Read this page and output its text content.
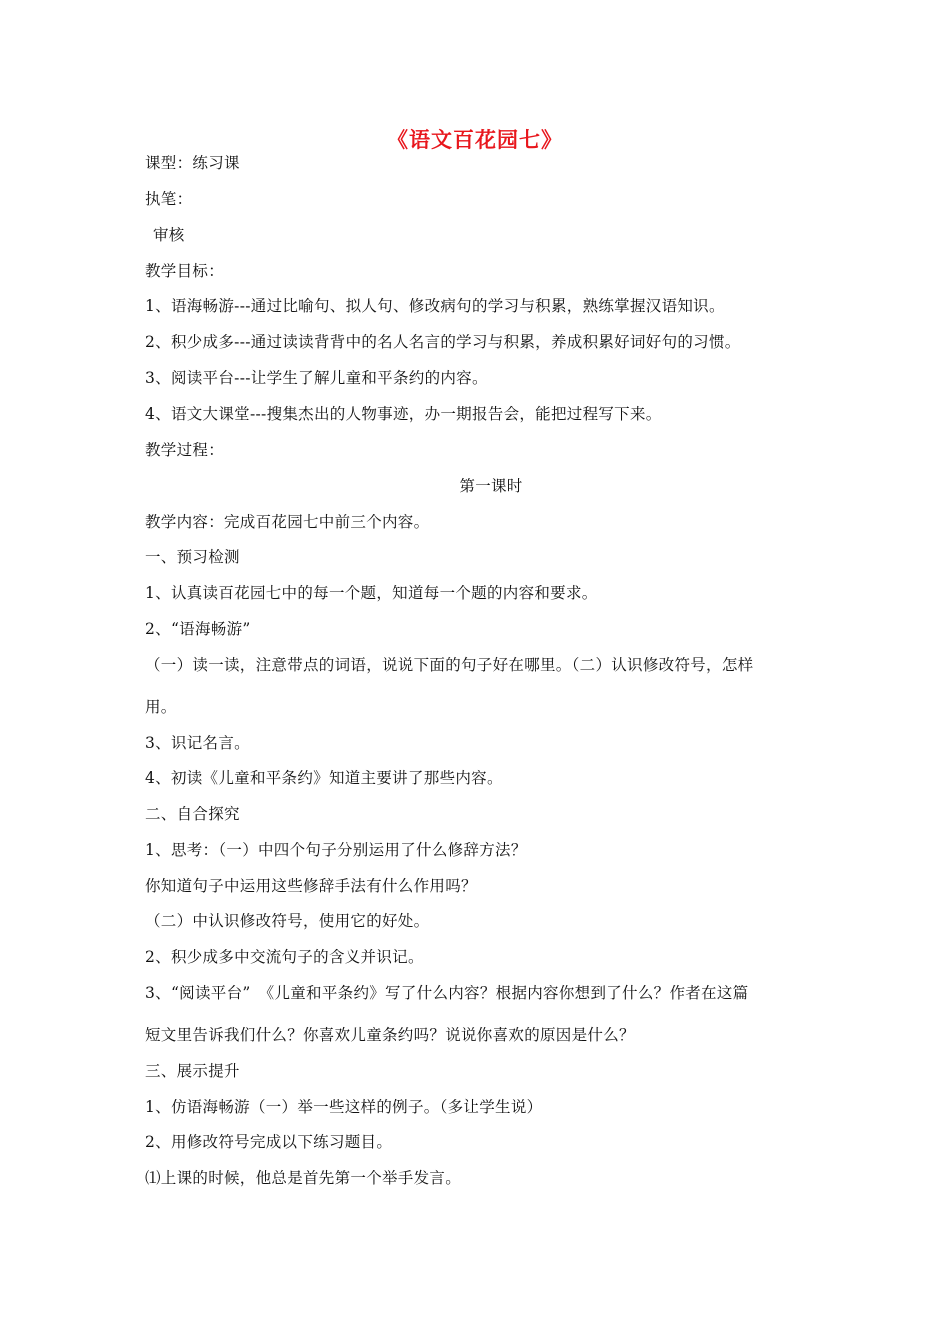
《语文百花园七》
课型：练习课
执笔：
审核
教学目标：
1、语海畅游---通过比喻句、拟人句、修改病句的学习与积累，熟练掌握汉语知识。
2、积少成多---通过读读背背中的名人名言的学习与积累，养成积累好词好句的习惯。
3、阅读平台---让学生了解儿童和平条约的内容。
4、语文大课堂---搜集杰出的人物事迹，办一期报告会，能把过程写下来。
教学过程：
第一课时
教学内容：完成百花园七中前三个内容。
一、预习检测
1、认真读百花园七中的每一个题，知道每一个题的内容和要求。
2、“语海畅游”
（一）读一读，注意带点的词语，说说下面的句子好在哪里。（二）认识修改符号，怎样
用。
3、识记名言。
4、初读《儿童和平条约》知道主要讲了那些内容。
二、自合探究
1、思考：（一）中四个句子分别运用了什么修辞方法？
你知道句子中运用这些修辞手法有什么作用吗？
（二）中认识修改符号，使用它的好处。
2、积少成多中交流句子的含义并识记。
3、“阅读平台”　《儿童和平条约》写了什么内容？根据内容你想到了什么？作者在这篇
短文里告诉我们什么？你喜欢儿童条约吗？说说你喜欢的原因是什么？
三、展示提升
1、仿语海畅游（一）举一些这样的例子。（多让学生说）
2、用修改符号完成以下练习题目。
⑴上课的时候，他总是首先第一个举手发言。
